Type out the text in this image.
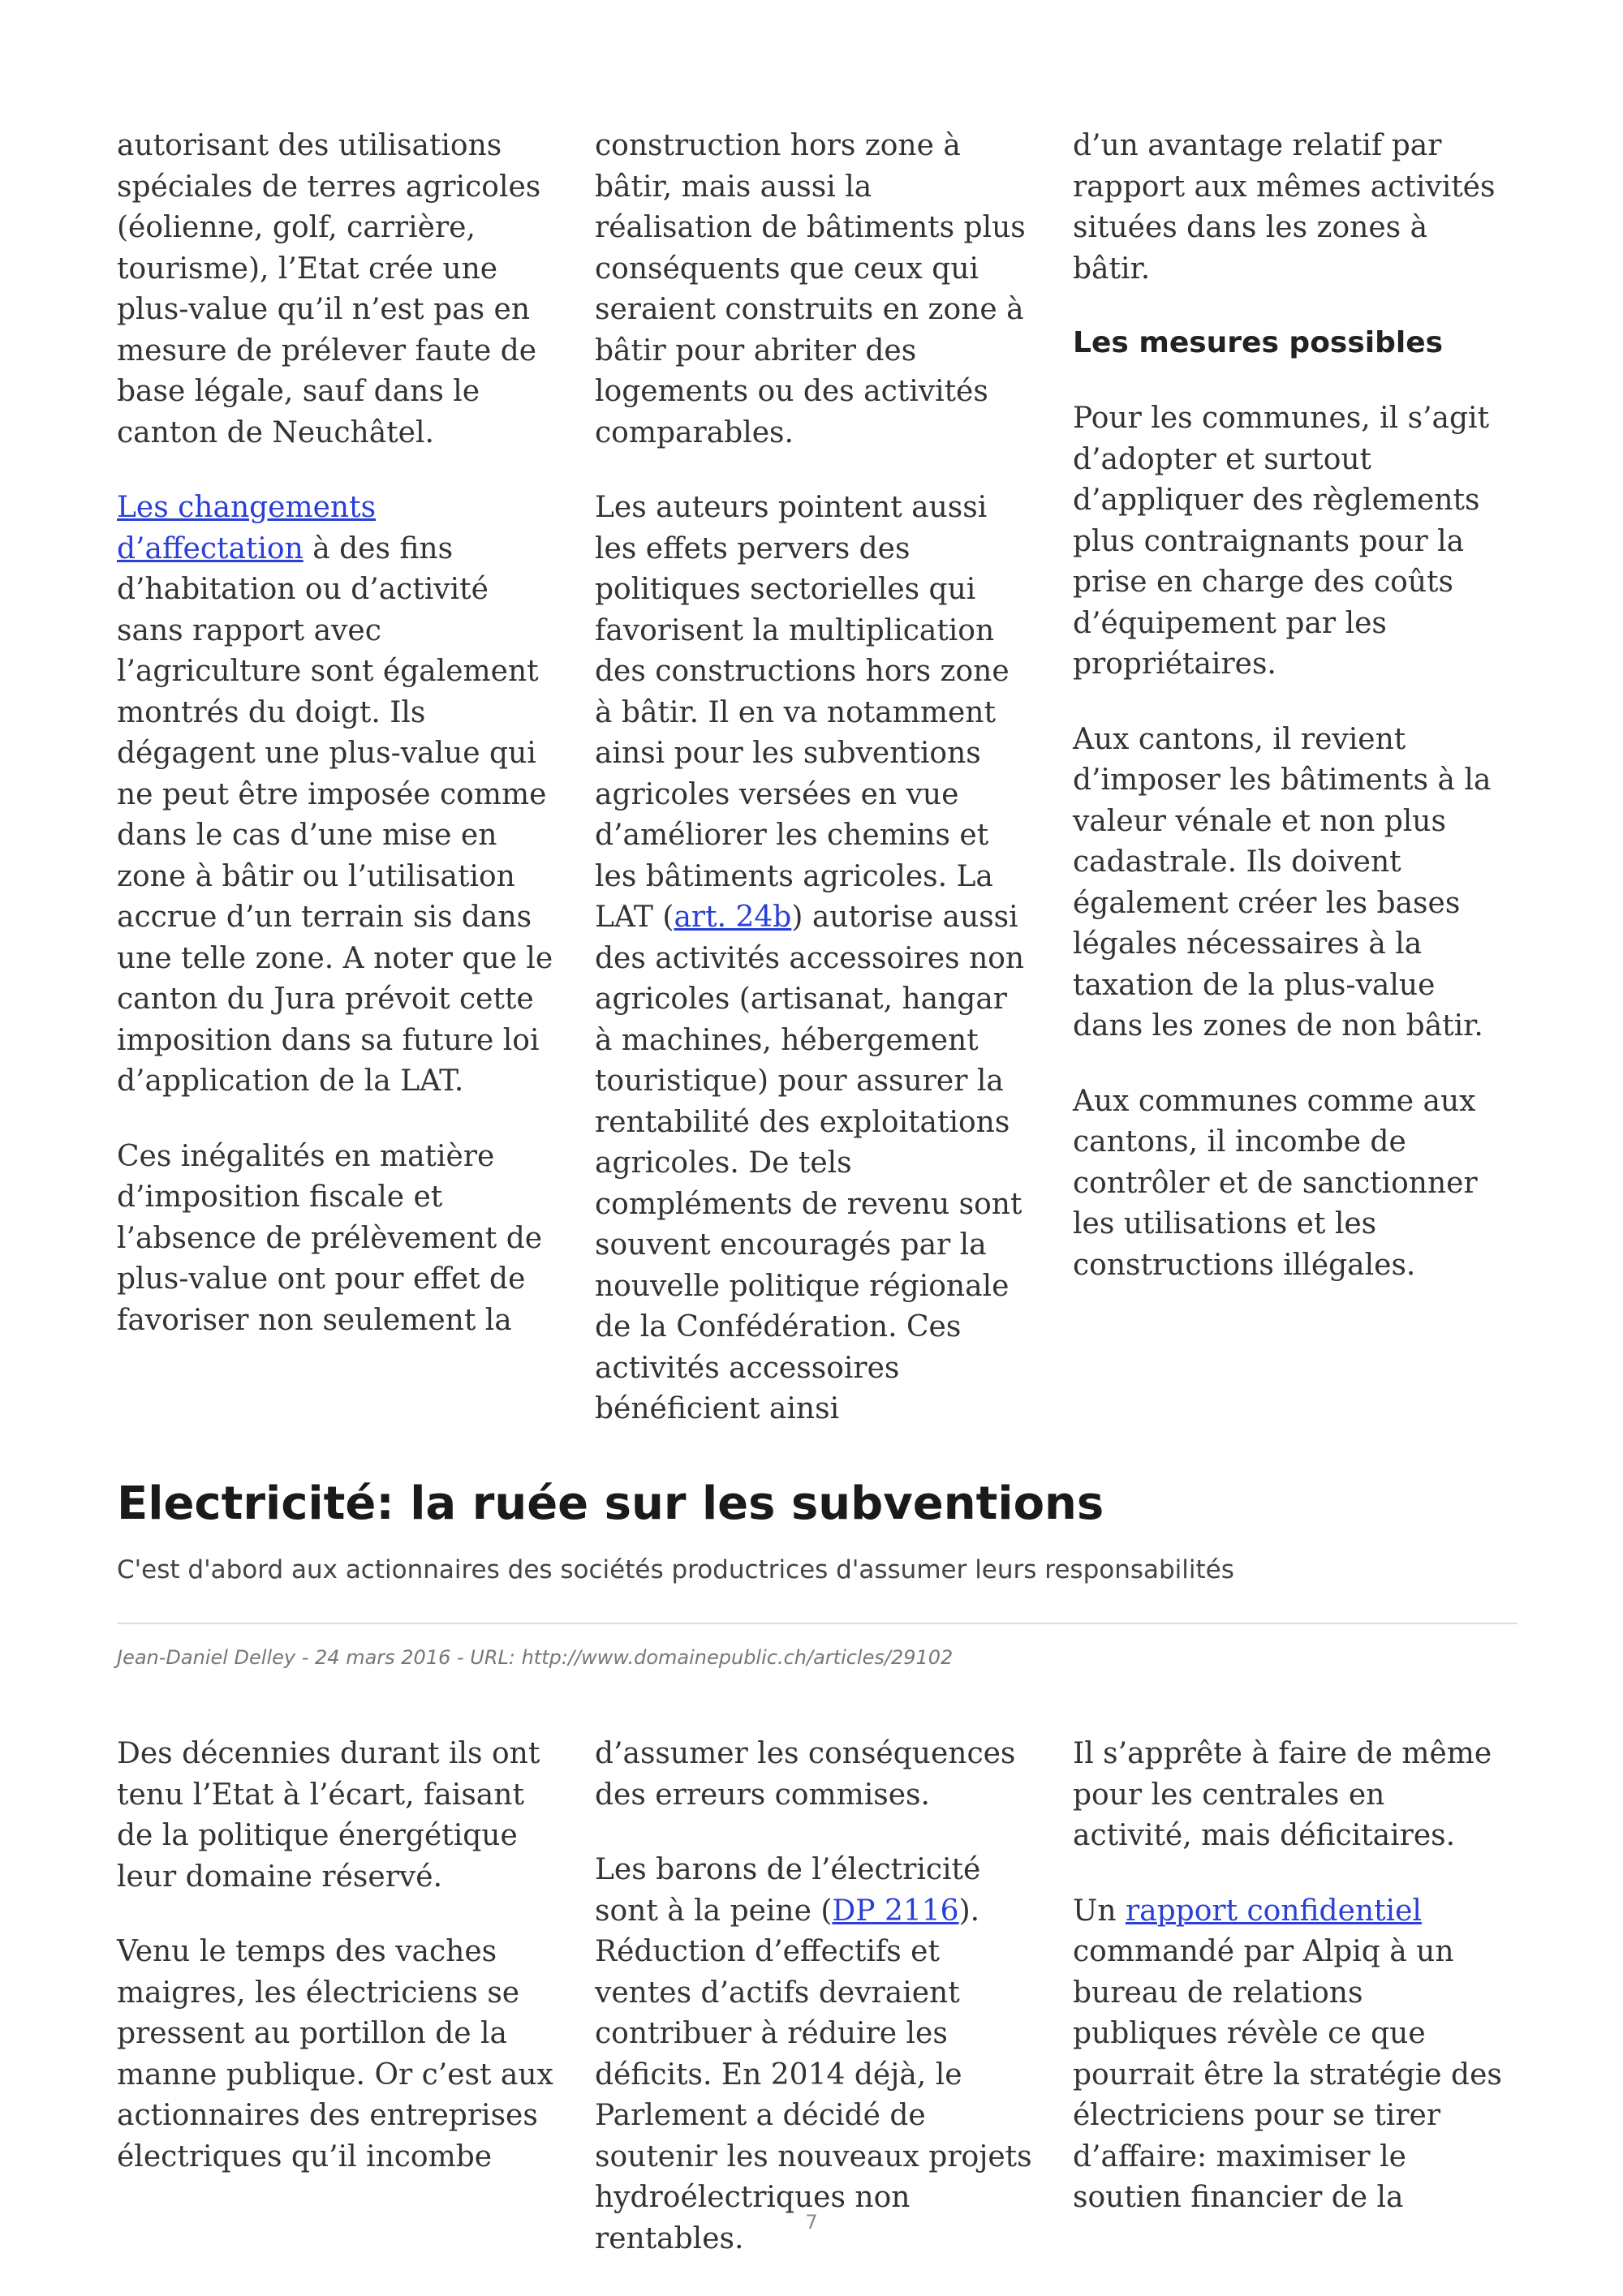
autorisant des utilisations spéciales de terres agricoles (éolienne, golf, carrière, tourisme), l’Etat crée une plus-value qu’il n’est pas en mesure de prélever faute de base légale, sauf dans le canton de Neuchâtel.

Les changements d’affectation à des fins d’habitation ou d’activité sans rapport avec l’agriculture sont également montrés du doigt. Ils dégagent une plus-value qui ne peut être imposée comme dans le cas d’une mise en zone à bâtir ou l’utilisation accrue d’un terrain sis dans une telle zone. A noter que le canton du Jura prévoit cette imposition dans sa future loi d’application de la LAT.

Ces inégalités en matière d’imposition fiscale et l’absence de prélèvement de plus-value ont pour effet de favoriser non seulement la

construction hors zone à bâtir, mais aussi la réalisation de bâtiments plus conséquents que ceux qui seraient construits en zone à bâtir pour abriter des logements ou des activités comparables.

Les auteurs pointent aussi les effets pervers des politiques sectorielles qui favorisent la multiplication des constructions hors zone à bâtir. Il en va notamment ainsi pour les subventions agricoles versées en vue d’améliorer les chemins et les bâtiments agricoles. La LAT (art. 24b) autorise aussi des activités accessoires non agricoles (artisanat, hangar à machines, hébergement touristique) pour assurer la rentabilité des exploitations agricoles. De tels compléments de revenu sont souvent encouragés par la nouvelle politique régionale de la Confédération. Ces activités accessoires bénéficient ainsi

d’un avantage relatif par rapport aux mêmes activités situées dans les zones à bâtir.

Les mesures possibles

Pour les communes, il s’agit d’adopter et surtout d’appliquer des règlements plus contraignants pour la prise en charge des coûts d’équipement par les propriétaires.

Aux cantons, il revient d’imposer les bâtiments à la valeur vénale et non plus cadastrale. Ils doivent également créer les bases légales nécessaires à la taxation de la plus-value dans les zones de non bâtir.

Aux communes comme aux cantons, il incombe de contrôler et de sanctionner les utilisations et les constructions illégales.

Electricité: la ruée sur les subventions
C'est d'abord aux actionnaires des sociétés productrices d'assumer leurs responsabilités
Jean-Daniel Delley - 24 mars 2016 - URL: http://www.domainepublic.ch/articles/29102

Des décennies durant ils ont tenu l’Etat à l’écart, faisant de la politique énergétique leur domaine réservé.

Venu le temps des vaches maigres, les électriciens se pressent au portillon de la manne publique. Or c’est aux actionnaires des entreprises électriques qu’il incombe

d’assumer les conséquences des erreurs commises.

Les barons de l’électricité sont à la peine (DP 2116). Réduction d’effectifs et ventes d’actifs devraient contribuer à réduire les déficits. En 2014 déjà, le Parlement a décidé de soutenir les nouveaux projets hydroélectriques non rentables.

Il s’apprête à faire de même pour les centrales en activité, mais déficitaires.

Un rapport confidentiel commandé par Alpiq à un bureau de relations publiques révèle ce que pourrait être la stratégie des électriciens pour se tirer d’affaire: maximiser le soutien financier de la

7
